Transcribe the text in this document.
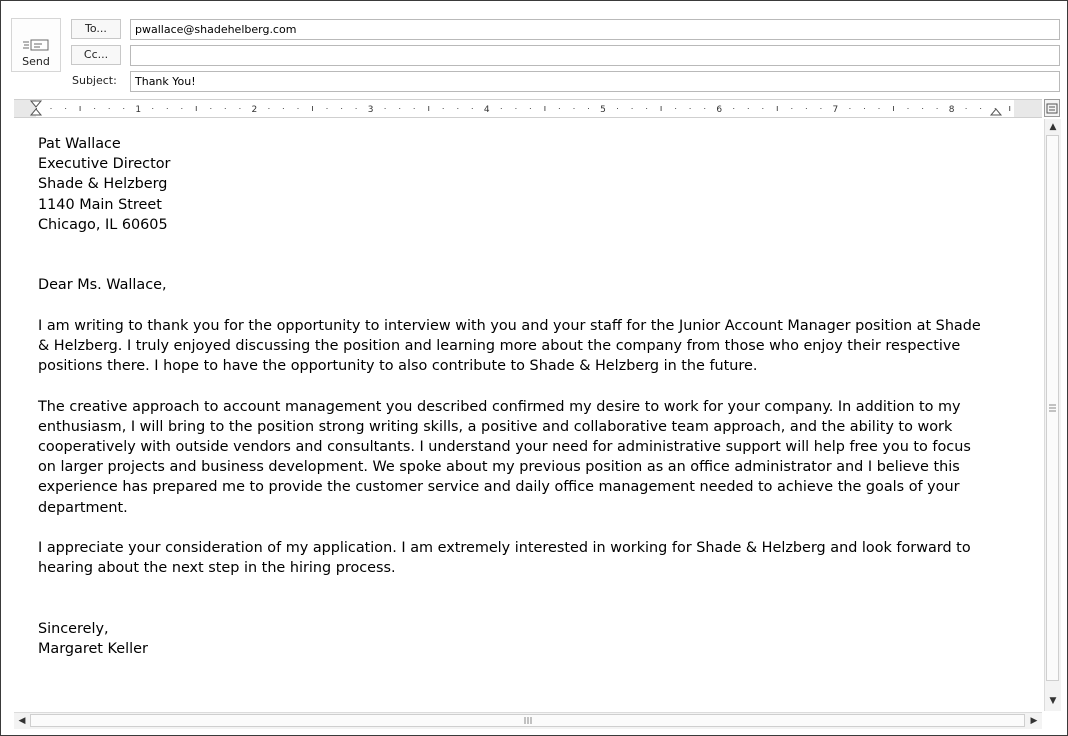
Send
To...	pwallace@shadehelberg.com
Cc...
Subject:	Thank You!
1	2	3	4	5	6	7	8

Pat Wallace

Executive Director

Shade & Helzberg

1140 Main Street

Chicago, IL 60605

Dear Ms. Wallace,

I am writing to thank you for the opportunity to interview with you and your staff for the Junior Account Manager position at Shade & Helzberg. I truly enjoyed discussing the position and learning more about the company from those who enjoy their respective positions there. I hope to have the opportunity to also contribute to Shade & Helzberg in the future.

The creative approach to account management you described confirmed my desire to work for your company. In addition to my enthusiasm, I will bring to the position strong writing skills, a positive and collaborative team approach, and the ability to work cooperatively with outside vendors and consultants. I understand your need for administrative support will help free you to focus on larger projects and business development. We spoke about my previous position as an office administrator and I believe this experience has prepared me to provide the customer service and daily office management needed to achieve the goals of your department.

I appreciate your consideration of my application. I am extremely interested in working for Shade & Helzberg and look forward to hearing about the next step in the hiring process.

Sincerely,

Margaret Keller

▲
▼
◀	▶
